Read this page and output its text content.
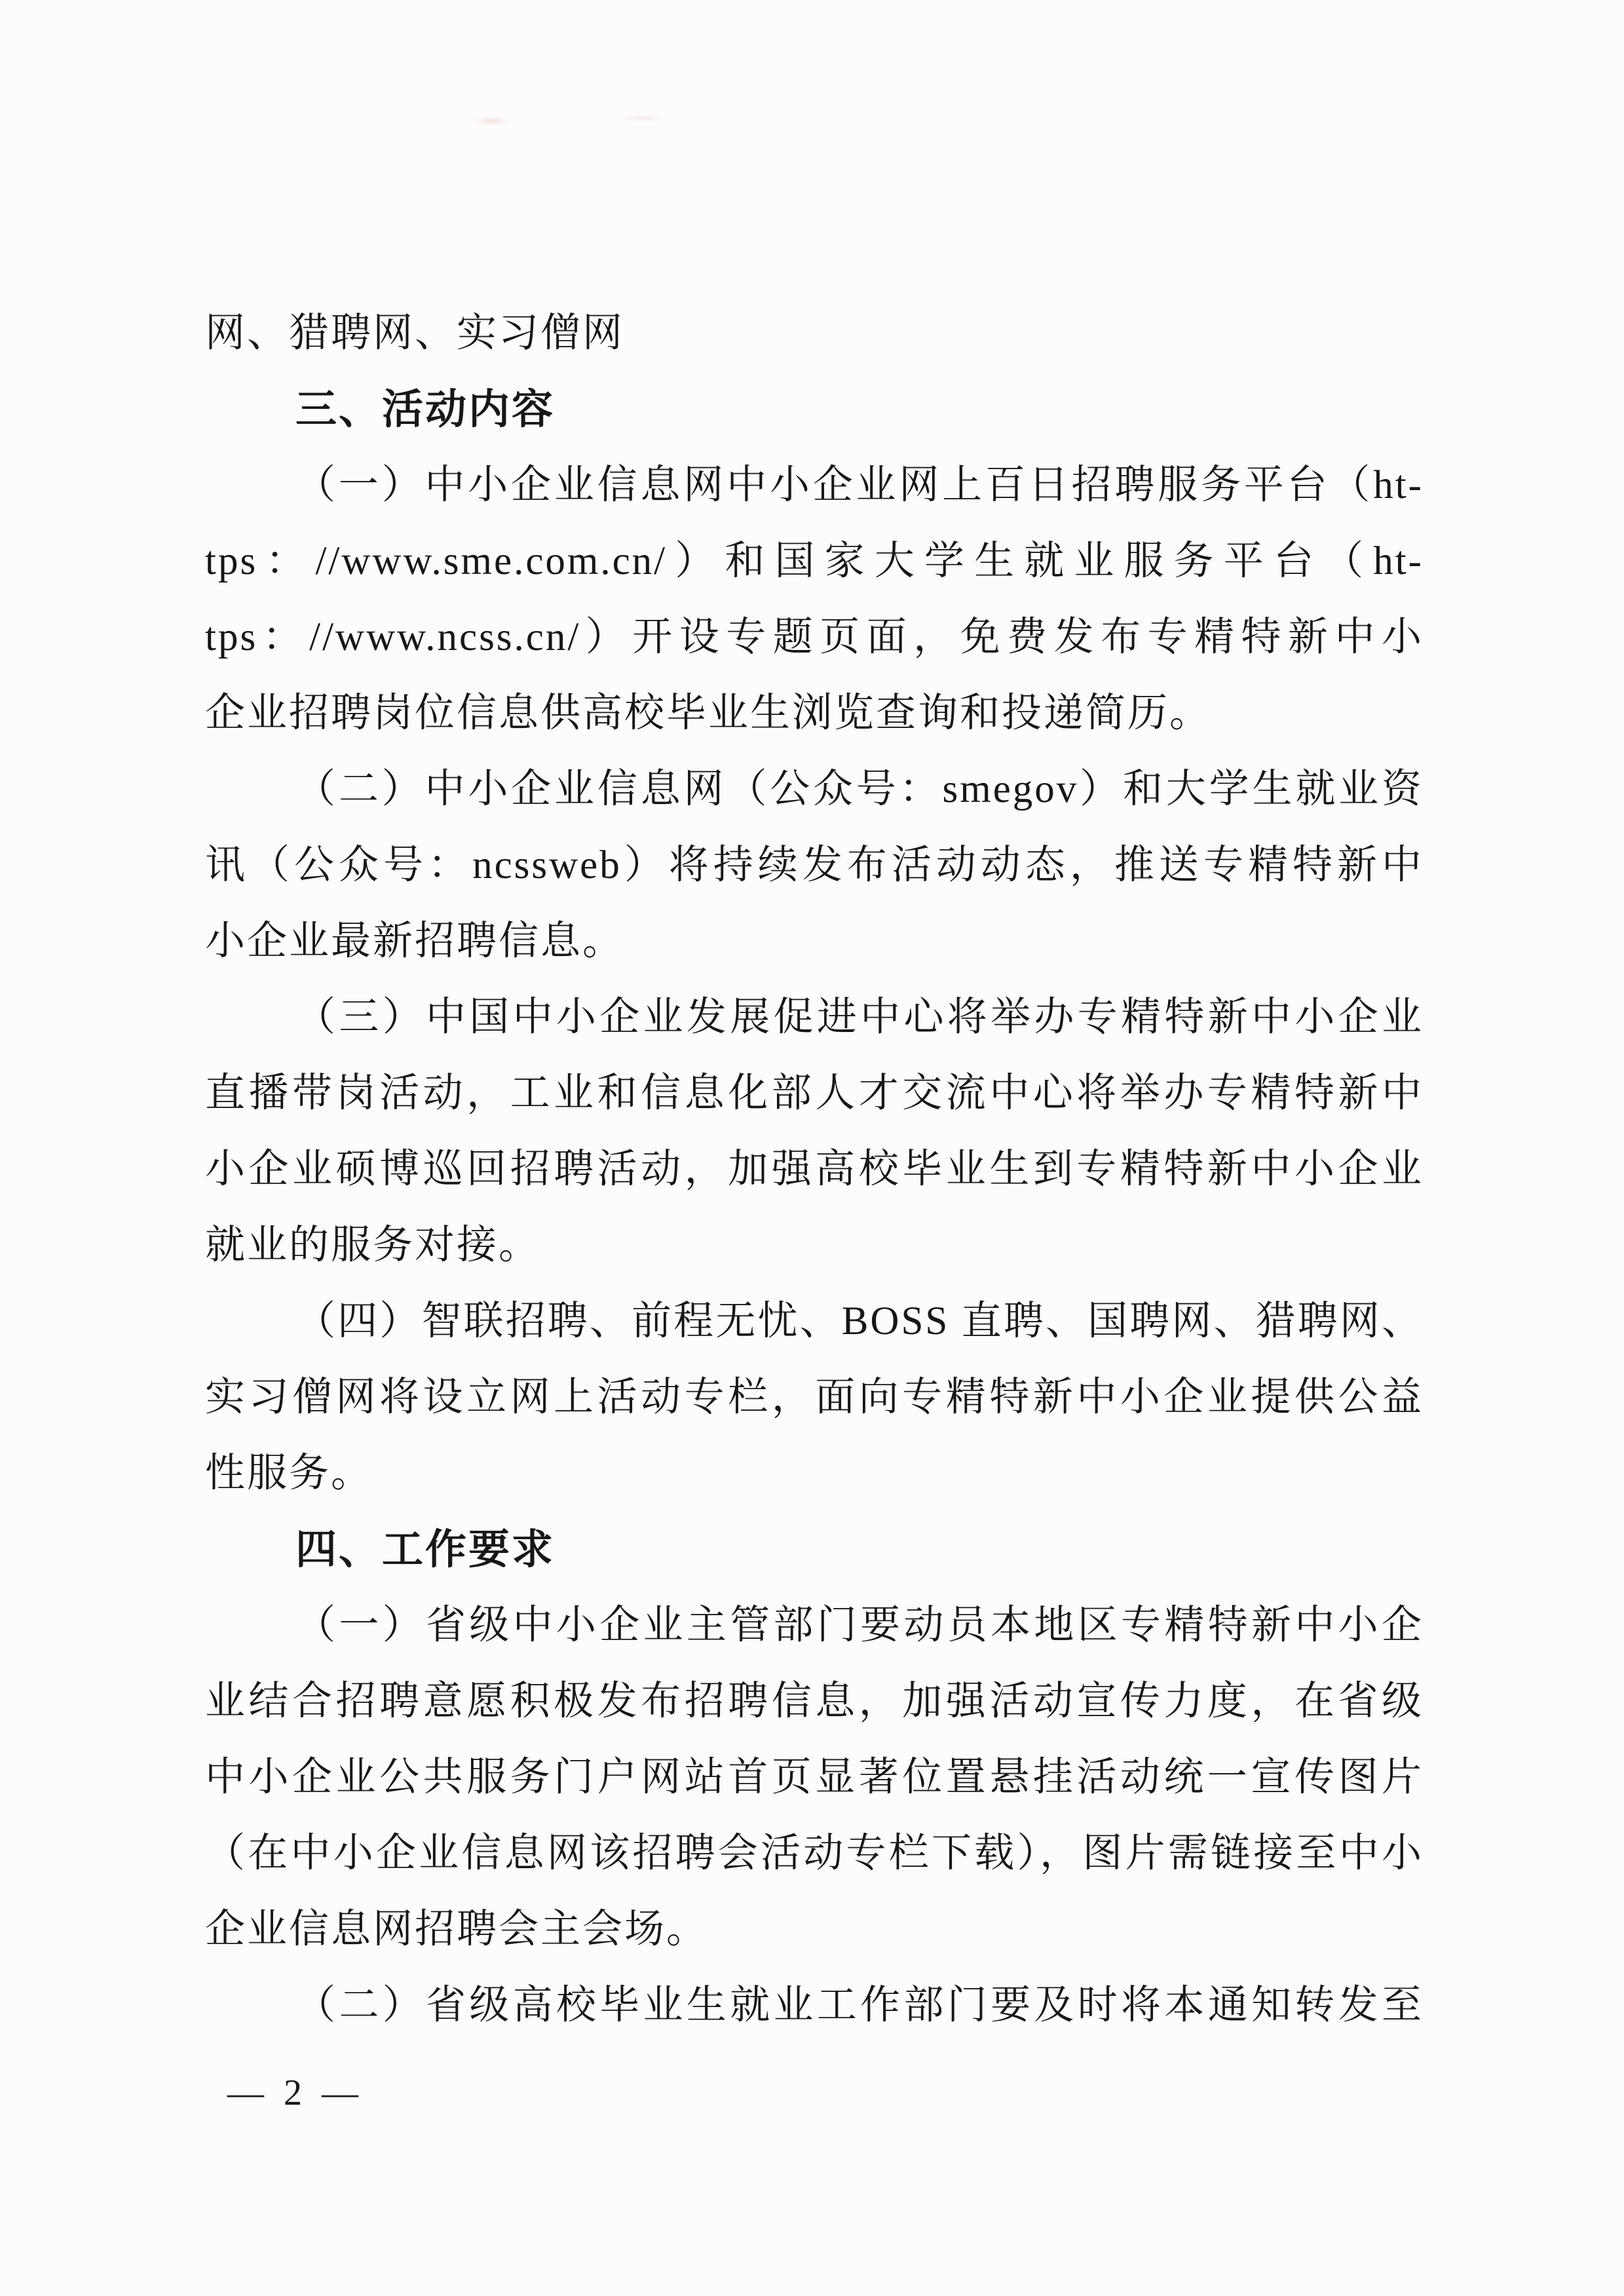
网、猎聘网、实习僧网
三、活动内容
（一）中小企业信息网中小企业网上百日招聘服务平台（ht-
tps：//www.sme.com.cn/）和国家大学生就业服务平台（ht-
tps：//www.ncss.cn/）开设专题页面，免费发布专精特新中小
企业招聘岗位信息供高校毕业生浏览查询和投递简历。
（二）中小企业信息网（公众号：smegov）和大学生就业资
讯（公众号：ncssweb）将持续发布活动动态，推送专精特新中
小企业最新招聘信息。
（三）中国中小企业发展促进中心将举办专精特新中小企业
直播带岗活动，工业和信息化部人才交流中心将举办专精特新中
小企业硕博巡回招聘活动，加强高校毕业生到专精特新中小企业
就业的服务对接。
（四）智联招聘、前程无忧、BOSS 直聘、国聘网、猎聘网、
实习僧网将设立网上活动专栏，面向专精特新中小企业提供公益
性服务。
四、工作要求
（一）省级中小企业主管部门要动员本地区专精特新中小企
业结合招聘意愿积极发布招聘信息，加强活动宣传力度，在省级
中小企业公共服务门户网站首页显著位置悬挂活动统一宣传图片
（在中小企业信息网该招聘会活动专栏下载），图片需链接至中小
企业信息网招聘会主会场。
（二）省级高校毕业生就业工作部门要及时将本通知转发至
— 2 —
